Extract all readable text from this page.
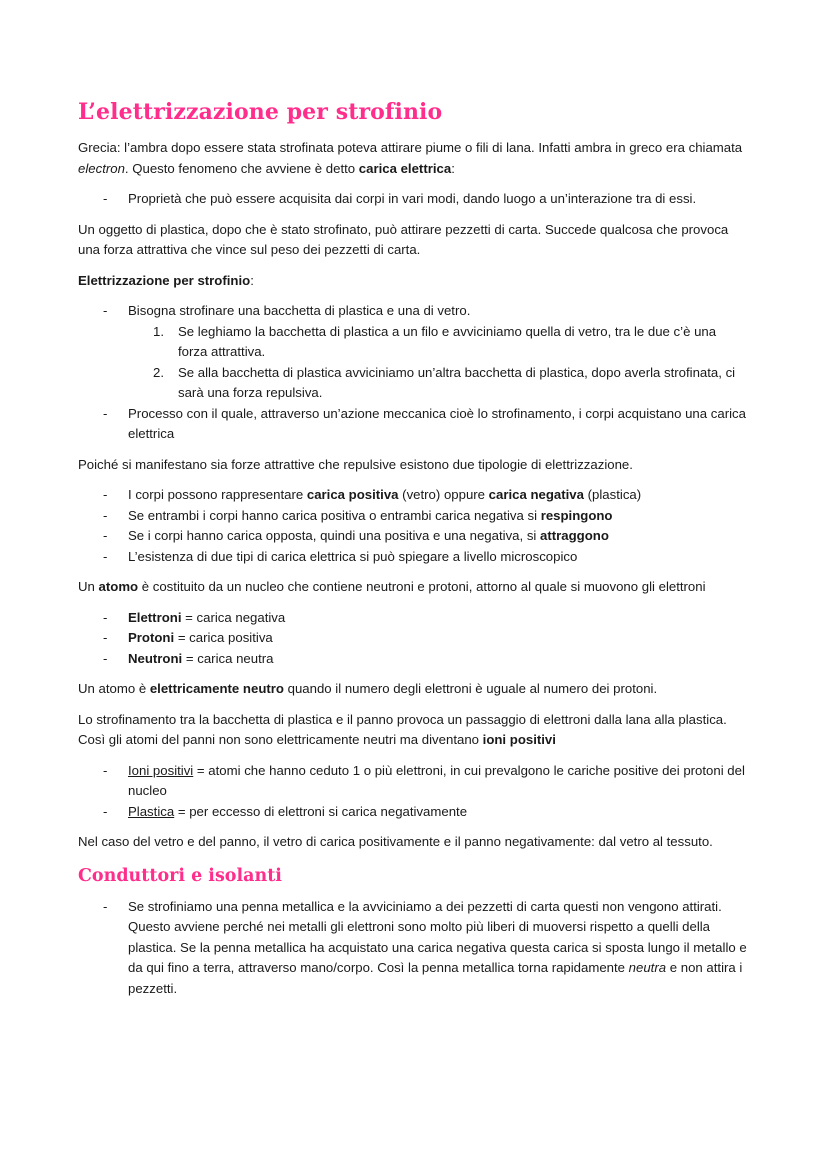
L’elettrizzazione per strofinio

Grecia: l’ambra dopo essere stata strofinata poteva attirare piume o fili di lana. Infatti ambra in greco era chiamata electron. Questo fenomeno che avviene è detto carica elettrica:

- Proprietà che può essere acquisita dai corpi in vari modi, dando luogo a un’interazione tra di essi.

Un oggetto di plastica, dopo che è stato strofinato, può attirare pezzetti di carta. Succede qualcosa che provoca una forza attrattiva che vince sul peso dei pezzetti di carta.

Elettrizzazione per strofinio:

- Bisogna strofinare una bacchetta di plastica e una di vetro.
1. Se leghiamo la bacchetta di plastica a un filo e avviciniamo quella di vetro, tra le due c’è una forza attrattiva.
2. Se alla bacchetta di plastica avviciniamo un’altra bacchetta di plastica, dopo averla strofinata, ci sarà una forza repulsiva.
- Processo con il quale, attraverso un’azione meccanica cioè lo strofinamento, i corpi acquistano una carica elettrica

Poiché si manifestano sia forze attrattive che repulsive esistono due tipologie di elettrizzazione.

- I corpi possono rappresentare carica positiva (vetro) oppure carica negativa (plastica)
- Se entrambi i corpi hanno carica positiva o entrambi carica negativa si respingono
- Se i corpi hanno carica opposta, quindi una positiva e una negativa, si attraggono
- L’esistenza di due tipi di carica elettrica si può spiegare a livello microscopico

Un atomo è costituito da un nucleo che contiene neutroni e protoni, attorno al quale si muovono gli elettroni

- Elettroni = carica negativa
- Protoni = carica positiva
- Neutroni = carica neutra

Un atomo è elettricamente neutro quando il numero degli elettroni è uguale al numero dei protoni.

Lo strofinamento tra la bacchetta di plastica e il panno provoca un passaggio di elettroni dalla lana alla plastica. Così gli atomi del panni non sono elettricamente neutri ma diventano ioni positivi

- Ioni positivi = atomi che hanno ceduto 1 o più elettroni, in cui prevalgono le cariche positive dei protoni del nucleo
- Plastica = per eccesso di elettroni si carica negativamente

Nel caso del vetro e del panno, il vetro di carica positivamente e il panno negativamente: dal vetro al tessuto.

Conduttori e isolanti
- Se strofiniamo una penna metallica e la avviciniamo a dei pezzetti di carta questi non vengono attirati. Questo avviene perché nei metalli gli elettroni sono molto più liberi di muoversi rispetto a quelli della plastica. Se la penna metallica ha acquistato una carica negativa questa carica si sposta lungo il metallo e da qui fino a terra, attraverso mano/corpo. Così la penna metallica torna rapidamente neutra e non attira i pezzetti.
